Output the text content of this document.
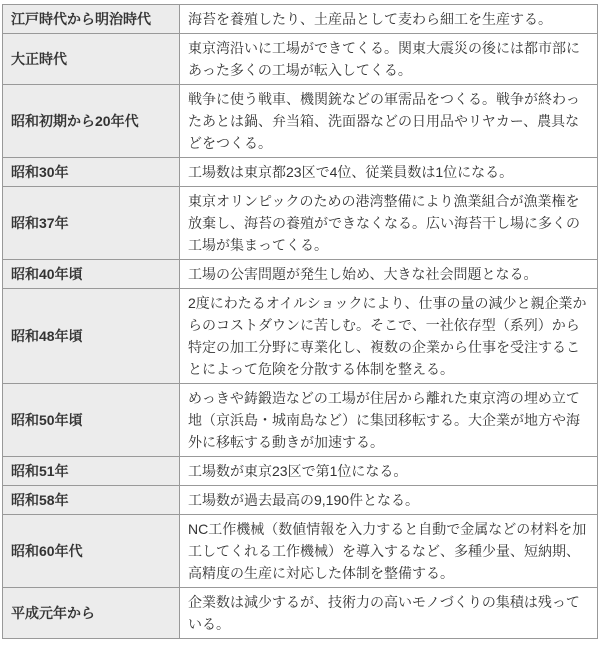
江戸時代から明治時代	海苔を養殖したり、土産品として麦わら細工を生産する。
大正時代	東京湾沿いに工場ができてくる。関東大震災の後には都市部にあった多くの工場が転入してくる。
昭和初期から20年代	戦争に使う戦車、機関銃などの軍需品をつくる。戦争が終わったあとは鍋、弁当箱、洗面器などの日用品やリヤカー、農具などをつくる。
昭和30年	工場数は東京都23区で4位、従業員数は1位になる。
昭和37年	東京オリンピックのための港湾整備により漁業組合が漁業権を放棄し、海苔の養殖ができなくなる。広い海苔干し場に多くの工場が集まってくる。
昭和40年頃	工場の公害問題が発生し始め、大きな社会問題となる。
昭和48年頃	2度にわたるオイルショックにより、仕事の量の減少と親企業からのコストダウンに苦しむ。そこで、一社依存型（系列）から特定の加工分野に専業化し、複数の企業から仕事を受注することによって危険を分散する体制を整える。
昭和50年頃	めっきや鋳鍛造などの工場が住居から離れた東京湾の埋め立て地（京浜島・城南島など）に集団移転する。大企業が地方や海外に移転する動きが加速する。
昭和51年	工場数が東京23区で第1位になる。
昭和58年	工場数が過去最高の9,190件となる。
昭和60年代	NC工作機械（数値情報を入力すると自動で金属などの材料を加工してくれる工作機械）を導入するなど、多種少量、短納期、高精度の生産に対応した体制を整備する。
平成元年から	企業数は減少するが、技術力の高いモノづくりの集積は残っている。
